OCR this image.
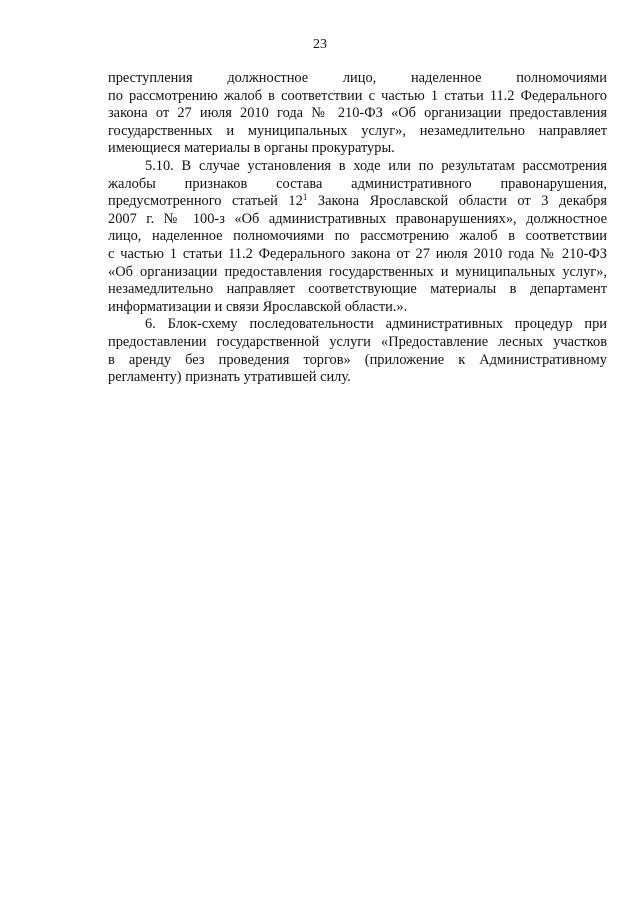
23
преступления должностное лицо, наделенное полномочиями
по рассмотрению жалоб в соответствии с частью 1 статьи 11.2 Федерального
закона от 27 июля 2010 года № 210-ФЗ «Об организации предоставления
государственных и муниципальных услуг», незамедлительно направляет
имеющиеся материалы в органы прокуратуры.
5.10. В случае установления в ходе или по результатам рассмотрения
жалобы признаков состава административного правонарушения,
предусмотренного статьей $12^1$ Закона Ярославской области от 3 декабря
2007 г. № 100-з «Об административных правонарушениях», должностное
лицо, наделенное полномочиями по рассмотрению жалоб в соответствии
с частью 1 статьи 11.2 Федерального закона от 27 июля 2010 года № 210-ФЗ
«Об организации предоставления государственных и муниципальных услуг»,
незамедлительно направляет соответствующие материалы в департамент
информатизации и связи Ярославской области.».
6. Блок-схему последовательности административных процедур при
предоставлении государственной услуги «Предоставление лесных участков
в аренду без проведения торгов» (приложение к Административному
регламенту) признать утратившей силу.
